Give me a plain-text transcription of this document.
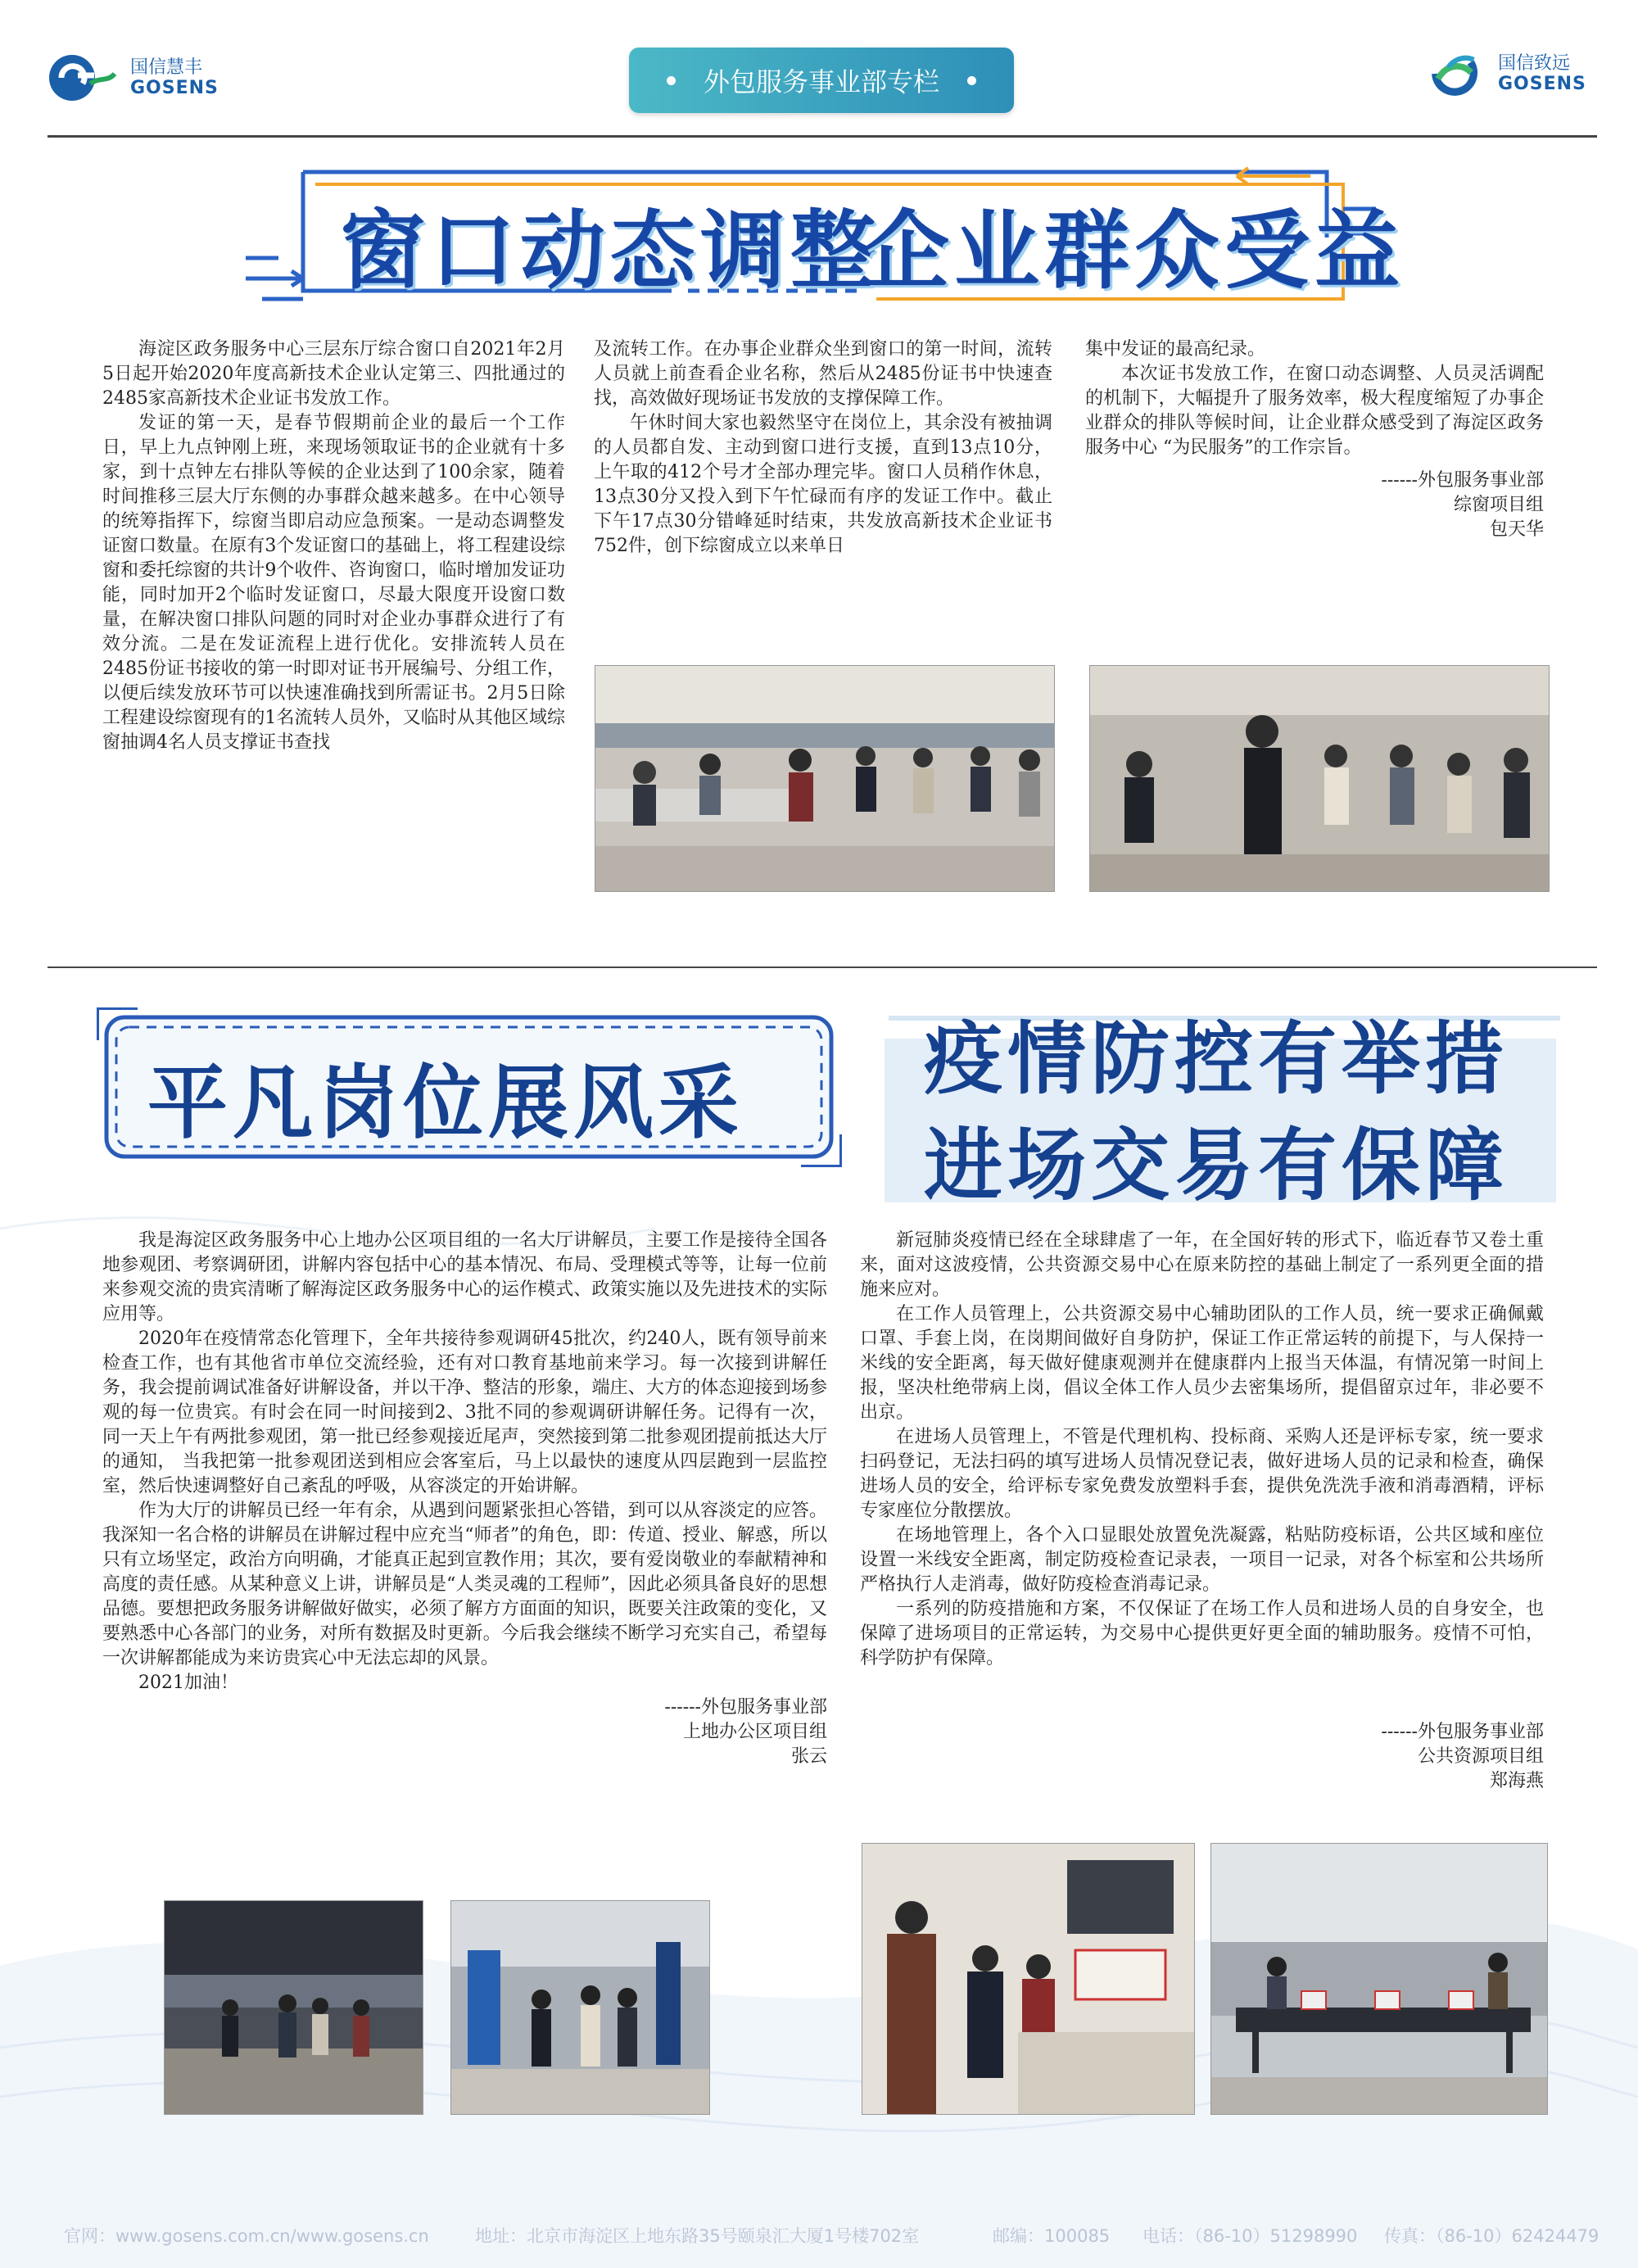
国信慧丰
GOSENS	外包服务事业部专栏
国信致远
GOSENS
窗口动态调整
企业群众受益

海淀区政务服务中心三层东厅综合窗口自2021年2月5日起开始2020年度高新技术企业认定第三、四批通过的2485家高新技术企业证书发放工作。

发证的第一天，是春节假期前企业的最后一个工作日，早上九点钟刚上班，来现场领取证书的企业就有十多家，到十点钟左右排队等候的企业达到了100余家，随着时间推移三层大厅东侧的办事群众越来越多。在中心领导的统筹指挥下，综窗当即启动应急预案。一是动态调整发证窗口数量。在原有3个发证窗口的基础上，将工程建设综窗和委托综窗的共计9个收件、咨询窗口，临时增加发证功能，同时加开2个临时发证窗口，尽最大限度开设窗口数量，在解决窗口排队问题的同时对企业办事群众进行了有效分流。二是在发证流程上进行优化。安排流转人员在2485份证书接收的第一时即对证书开展编号、分组工作，以便后续发放环节可以快速准确找到所需证书。2月5日除工程建设综窗现有的1名流转人员外，又临时从其他区域综窗抽调4名人员支撑证书查找

及流转工作。在办事企业群众坐到窗口的第一时间，流转人员就上前查看企业名称，然后从2485份证书中快速查找，高效做好现场证书发放的支撑保障工作。

午休时间大家也毅然坚守在岗位上，其余没有被抽调的人员都自发、主动到窗口进行支援，直到13点10分，上午取的412个号才全部办理完毕。窗口人员稍作休息，13点30分又投入到下午忙碌而有序的发证工作中。截止下午17点30分错峰延时结束，共发放高新技术企业证书752件，创下综窗成立以来单日

集中发证的最高纪录。

本次证书发放工作，在窗口动态调整、人员灵活调配的机制下，大幅提升了服务效率，极大程度缩短了办事企业群众的排队等候时间，让企业群众感受到了海淀区政务服务中心 “为民服务”的工作宗旨。

------外包服务事业部

综窗项目组

包天华

平凡岗位展风采 疫情防控有举措
进场交易有保障

我是海淀区政务服务中心上地办公区项目组的一名大厅讲解员，主要工作是接待全国各地参观团、考察调研团，讲解内容包括中心的基本情况、布局、受理模式等等，让每一位前来参观交流的贵宾清晰了解海淀区政务服务中心的运作模式、政策实施以及先进技术的实际应用等。

2020年在疫情常态化管理下，全年共接待参观调研45批次，约240人，既有领导前来检查工作，也有其他省市单位交流经验，还有对口教育基地前来学习。每一次接到讲解任务，我会提前调试准备好讲解设备，并以干净、整洁的形象，端庄、大方的体态迎接到场参观的每一位贵宾。有时会在同一时间接到2、3批不同的参观调研讲解任务。记得有一次，同一天上午有两批参观团，第一批已经参观接近尾声，突然接到第二批参观团提前抵达大厅的通知， 当我把第一批参观团送到相应会客室后，马上以最快的速度从四层跑到一层监控室，然后快速调整好自己紊乱的呼吸，从容淡定的开始讲解。

作为大厅的讲解员已经一年有余，从遇到问题紧张担心答错，到可以从容淡定的应答。我深知一名合格的讲解员在讲解过程中应充当“师者”的角色，即：传道、授业、解惑，所以只有立场坚定，政治方向明确，才能真正起到宣教作用；其次，要有爱岗敬业的奉献精神和高度的责任感。从某种意义上讲，讲解员是“人类灵魂的工程师”，因此必须具备良好的思想品德。要想把政务服务讲解做好做实，必须了解方方面面的知识，既要关注政策的变化，又要熟悉中心各部门的业务，对所有数据及时更新。今后我会继续不断学习充实自己，希望每一次讲解都能成为来访贵宾心中无法忘却的风景。

2021加油！

------外包服务事业部

上地办公区项目组

张云

新冠肺炎疫情已经在全球肆虐了一年，在全国好转的形式下，临近春节又卷土重来，面对这波疫情，公共资源交易中心在原来防控的基础上制定了一系列更全面的措施来应对。

在工作人员管理上，公共资源交易中心辅助团队的工作人员，统一要求正确佩戴口罩、手套上岗，在岗期间做好自身防护，保证工作正常运转的前提下，与人保持一米线的安全距离，每天做好健康观测并在健康群内上报当天体温，有情况第一时间上报，坚决杜绝带病上岗，倡议全体工作人员少去密集场所，提倡留京过年，非必要不出京。

在进场人员管理上，不管是代理机构、投标商、采购人还是评标专家，统一要求扫码登记，无法扫码的填写进场人员情况登记表，做好进场人员的记录和检查，确保进场人员的安全，给评标专家免费发放塑料手套，提供免洗洗手液和消毒酒精，评标专家座位分散摆放。

在场地管理上，各个入口显眼处放置免洗凝露，粘贴防疫标语，公共区域和座位设置一米线安全距离，制定防疫检查记录表，一项目一记录，对各个标室和公共场所严格执行人走消毒，做好防疫检查消毒记录。

一系列的防疫措施和方案，不仅保证了在场工作人员和进场人员的自身安全，也保障了进场项目的正常运转，为交易中心提供更好更全面的辅助服务。疫情不可怕，科学防护有保障。

------外包服务事业部

公共资源项目组

郑海燕

官网：www.gosens.com.cn/www.gosens.cn	地址：北京市海淀区上地东路35号颐泉汇大厦1号楼702室	邮编：100085 电话：（86-10）51298990 传真：（86-10）62424479
